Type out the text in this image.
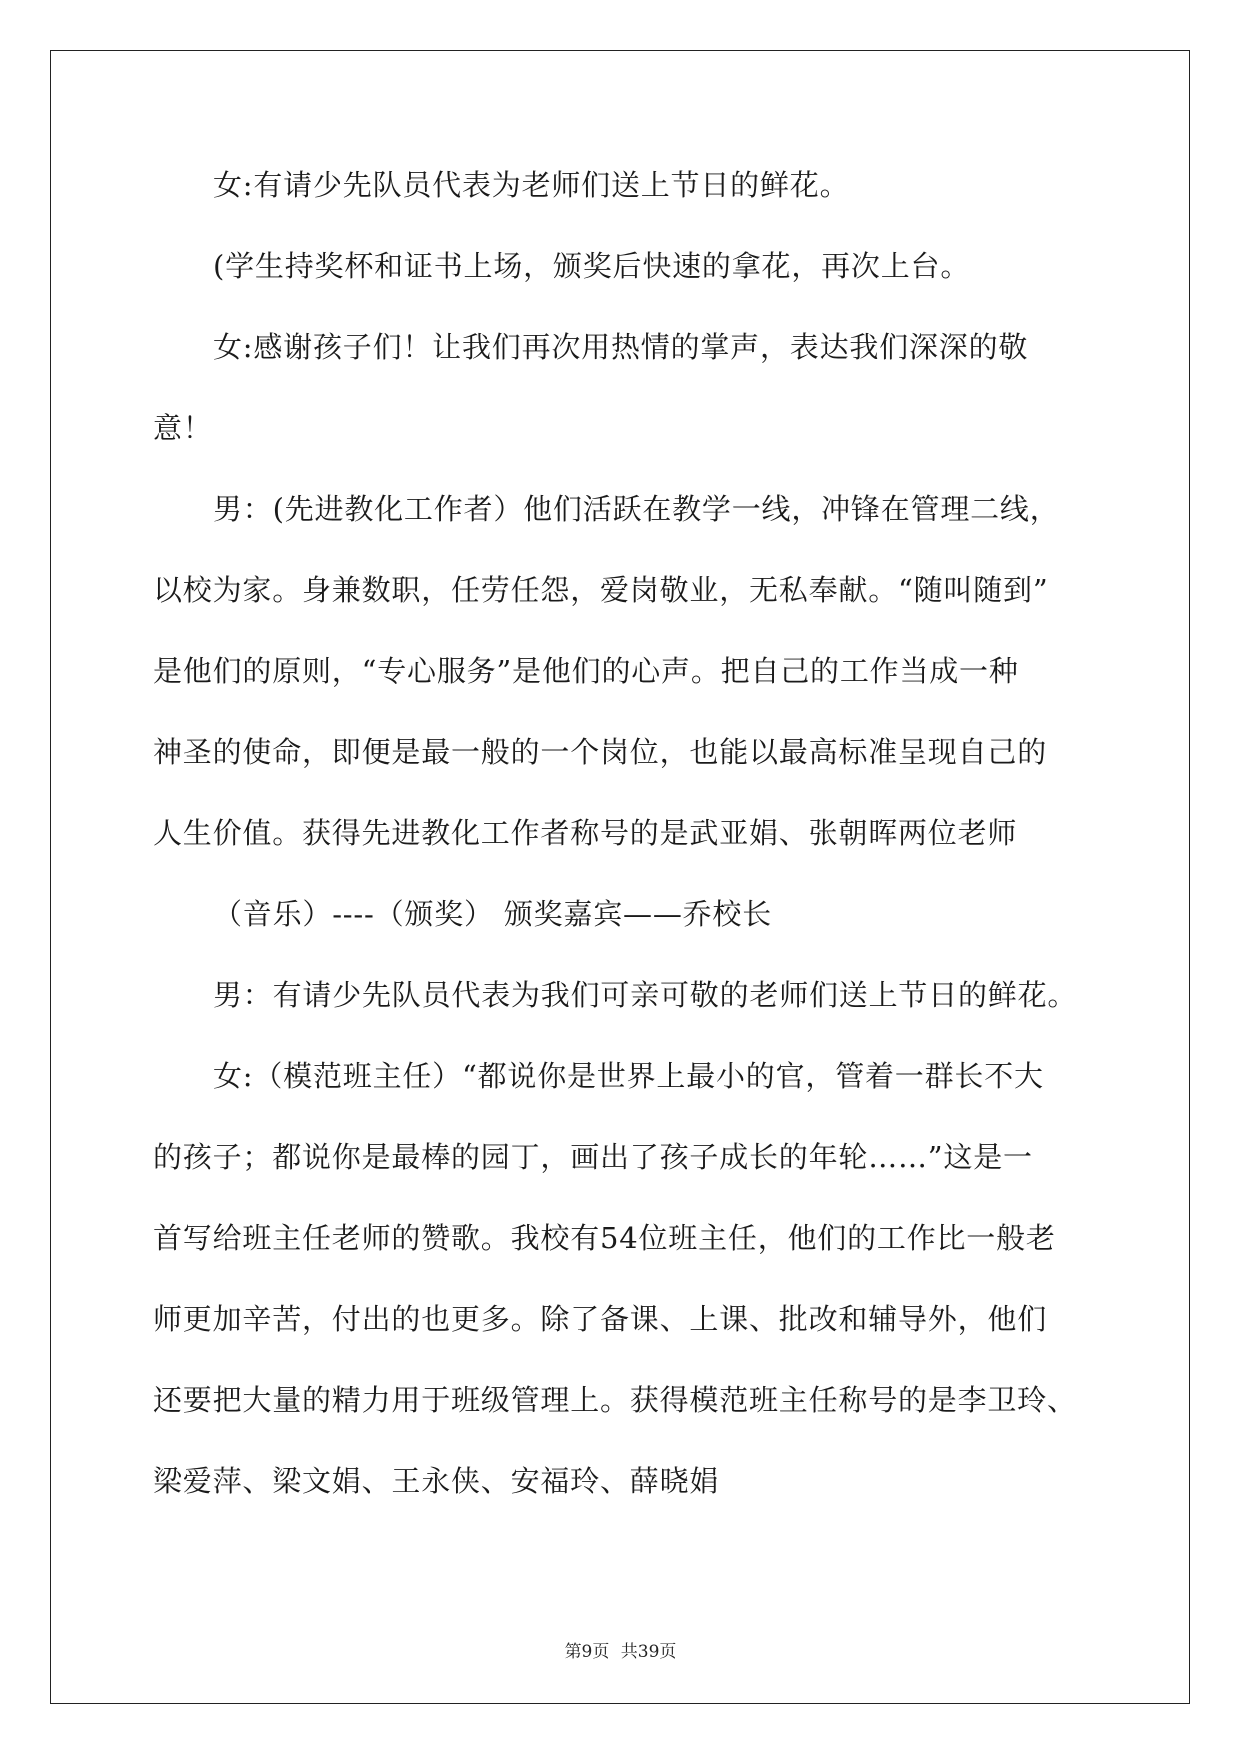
女:有请少先队员代表为老师们送上节日的鲜花。
(学生持奖杯和证书上场，颁奖后快速的拿花，再次上台。
女:感谢孩子们！让我们再次用热情的掌声，表达我们深深的敬
意！
男：(先进教化工作者）他们活跃在教学一线，冲锋在管理二线，
以校为家。身兼数职，任劳任怨，爱岗敬业，无私奉献。“随叫随到”
是他们的原则，“专心服务”是他们的心声。把自己的工作当成一种
神圣的使命，即便是最一般的一个岗位，也能以最高标准呈现自己的
人生价值。获得先进教化工作者称号的是武亚娟、张朝晖两位老师
（音乐）----（颁奖） 颁奖嘉宾——乔校长
男：有请少先队员代表为我们可亲可敬的老师们送上节日的鲜花。
女:（模范班主任）“都说你是世界上最小的官，管着一群长不大
的孩子；都说你是最棒的园丁，画出了孩子成长的年轮……”这是一
首写给班主任老师的赞歌。我校有54位班主任，他们的工作比一般老
师更加辛苦，付出的也更多。除了备课、上课、批改和辅导外，他们
还要把大量的精力用于班级管理上。获得模范班主任称号的是李卫玲、
梁爱萍、梁文娟、王永侠、安福玲、薛晓娟
第9页 共39页
